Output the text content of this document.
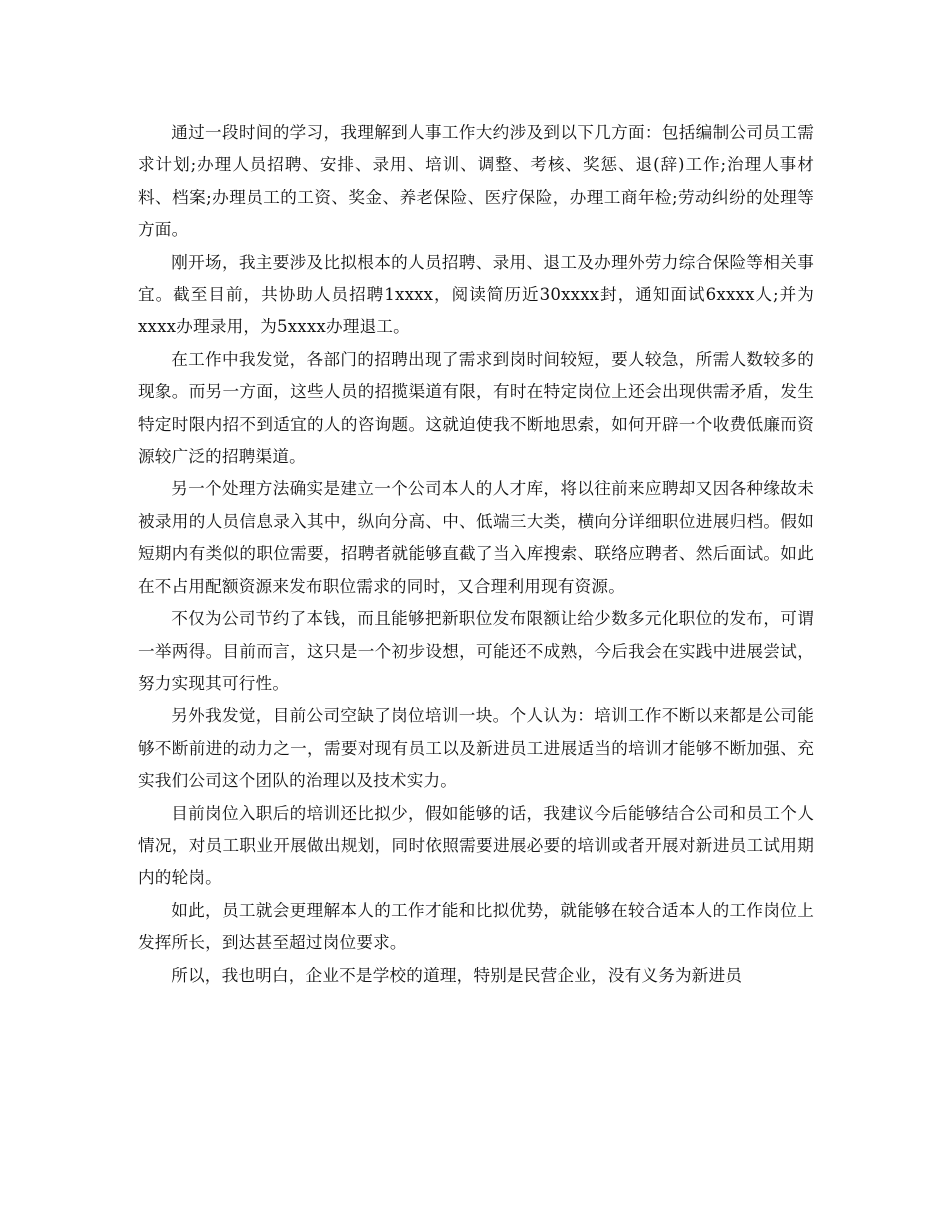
通过一段时间的学习，我理解到人事工作大约涉及到以下几方面：包括编制公司员工需求计划;办理人员招聘、安排、录用、培训、调整、考核、奖惩、退(辞)工作;治理人事材料、档案;办理员工的工资、奖金、养老保险、医疗保险，办理工商年检;劳动纠纷的处理等方面。

刚开场，我主要涉及比拟根本的人员招聘、录用、退工及办理外劳力综合保险等相关事宜。截至目前，共协助人员招聘1xxxx，阅读简历近30xxxx封，通知面试6xxxx人;并为xxxx办理录用，为5xxxx办理退工。

在工作中我发觉，各部门的招聘出现了需求到岗时间较短，要人较急，所需人数较多的现象。而另一方面，这些人员的招揽渠道有限，有时在特定岗位上还会出现供需矛盾，发生特定时限内招不到适宜的人的咨询题。这就迫使我不断地思索，如何开辟一个收费低廉而资源较广泛的招聘渠道。

另一个处理方法确实是建立一个公司本人的人才库，将以往前来应聘却又因各种缘故未被录用的人员信息录入其中，纵向分高、中、低端三大类，横向分详细职位进展归档。假如短期内有类似的职位需要，招聘者就能够直截了当入库搜索、联络应聘者、然后面试。如此在不占用配额资源来发布职位需求的同时，又合理利用现有资源。

不仅为公司节约了本钱，而且能够把新职位发布限额让给少数多元化职位的发布，可谓一举两得。目前而言，这只是一个初步设想，可能还不成熟，今后我会在实践中进展尝试，努力实现其可行性。

另外我发觉，目前公司空缺了岗位培训一块。个人认为：培训工作不断以来都是公司能够不断前进的动力之一，需要对现有员工以及新进员工进展适当的培训才能够不断加强、充实我们公司这个团队的治理以及技术实力。

目前岗位入职后的培训还比拟少，假如能够的话，我建议今后能够结合公司和员工个人情况，对员工职业开展做出规划，同时依照需要进展必要的培训或者开展对新进员工试用期内的轮岗。

如此，员工就会更理解本人的工作才能和比拟优势，就能够在较合适本人的工作岗位上发挥所长，到达甚至超过岗位要求。

所以，我也明白，企业不是学校的道理，特别是民营企业，没有义务为新进员
